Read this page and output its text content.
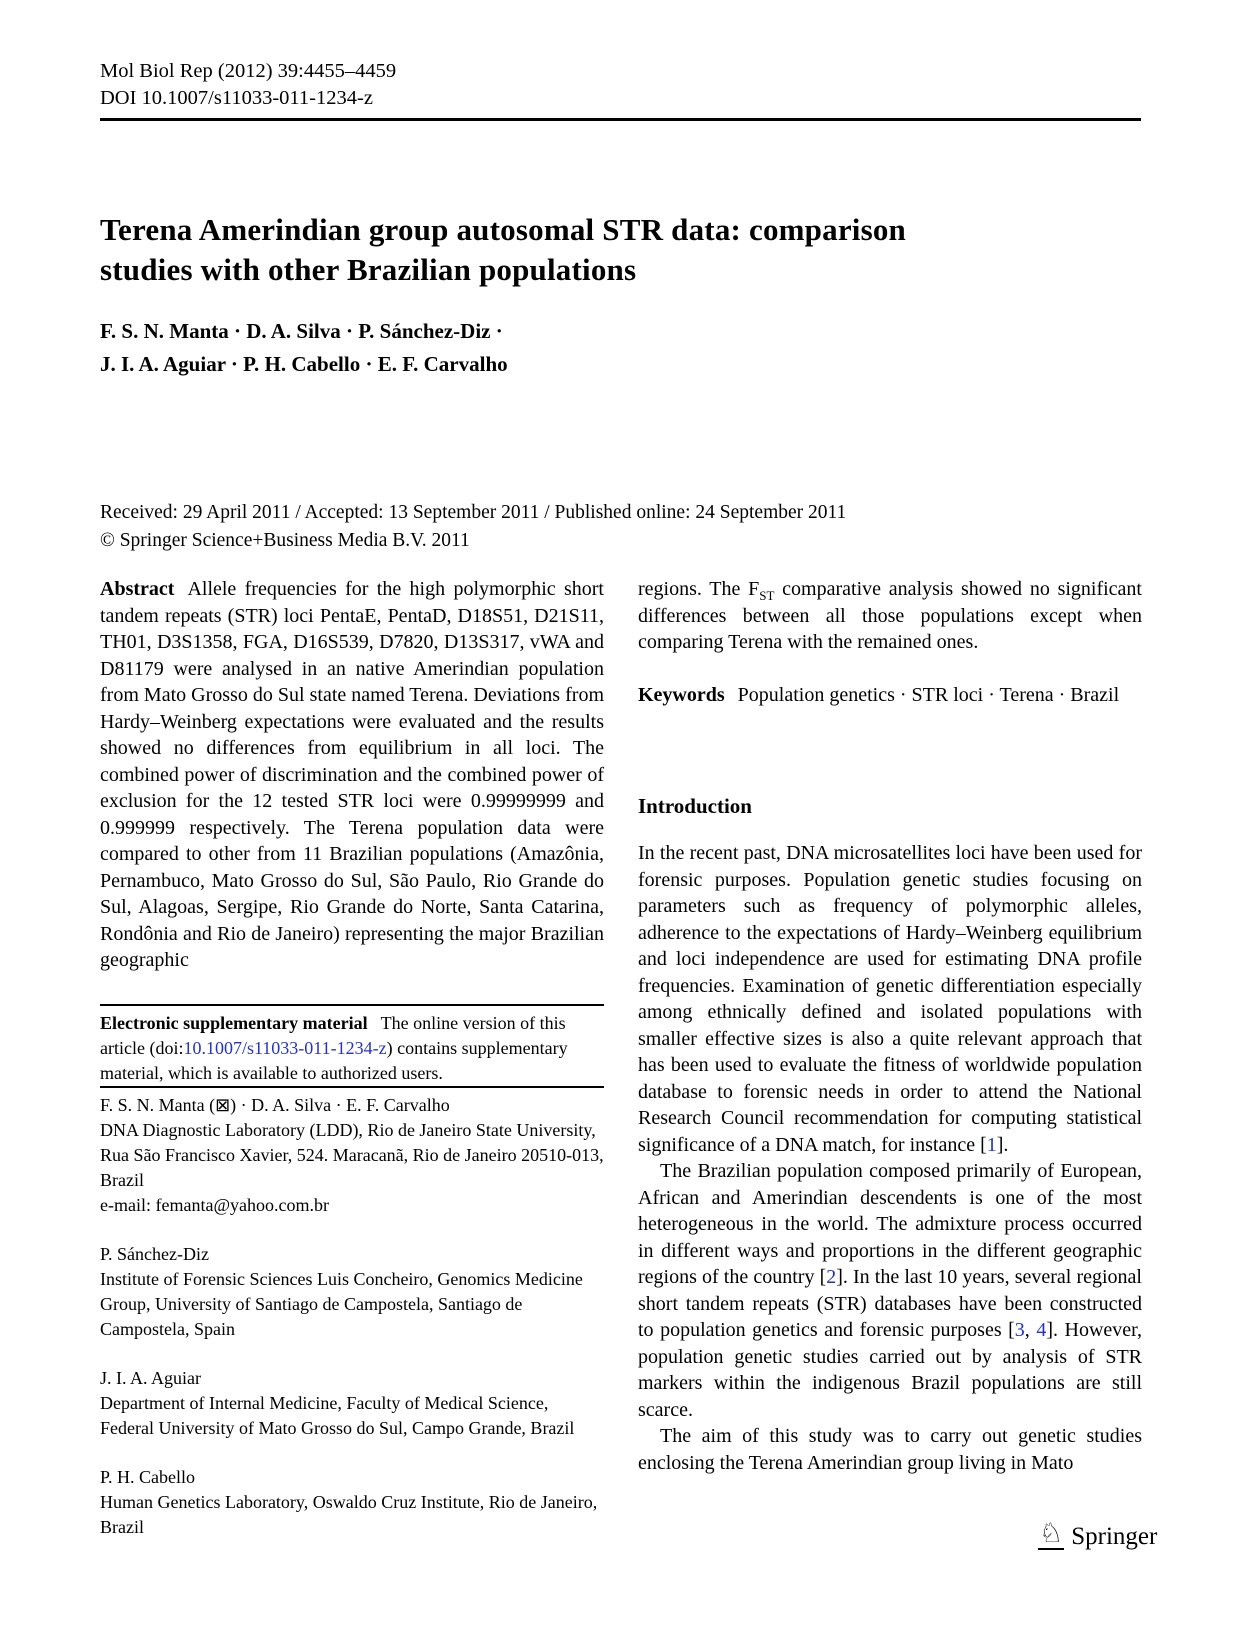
Mol Biol Rep (2012) 39:4455–4459
DOI 10.1007/s11033-011-1234-z
Terena Amerindian group autosomal STR data: comparison
studies with other Brazilian populations
F. S. N. Manta · D. A. Silva · P. Sánchez-Diz ·
J. I. A. Aguiar · P. H. Cabello · E. F. Carvalho
Received: 29 April 2011 / Accepted: 13 September 2011 / Published online: 24 September 2011
© Springer Science+Business Media B.V. 2011
Abstract Allele frequencies for the high polymorphic short tandem repeats (STR) loci PentaE, PentaD, D18S51, D21S11, TH01, D3S1358, FGA, D16S539, D7820, D13S317, vWA and D81179 were analysed in an native Amerindian population from Mato Grosso do Sul state named Terena. Deviations from Hardy–Weinberg expectations were evaluated and the results showed no differences from equilibrium in all loci. The combined power of discrimination and the combined power of exclusion for the 12 tested STR loci were 0.99999999 and 0.999999 respectively. The Terena population data were compared to other from 11 Brazilian populations (Amazônia, Pernambuco, Mato Grosso do Sul, São Paulo, Rio Grande do Sul, Alagoas, Sergipe, Rio Grande do Norte, Santa Catarina, Rondônia and Rio de Janeiro) representing the major Brazilian geographic
regions. The $F_{ST}$ comparative analysis showed no significant differences between all those populations except when comparing Terena with the remained ones.
Keywords Population genetics · STR loci · Terena · Brazil
Introduction

In the recent past, DNA microsatellites loci have been used for forensic purposes. Population genetic studies focusing on parameters such as frequency of polymorphic alleles, adherence to the expectations of Hardy–Weinberg equilibrium and loci independence are used for estimating DNA profile frequencies. Examination of genetic differentiation especially among ethnically defined and isolated populations with smaller effective sizes is also a quite relevant approach that has been used to evaluate the fitness of worldwide population database to forensic needs in order to attend the National Research Council recommendation for computing statistical significance of a DNA match, for instance [1].

The Brazilian population composed primarily of European, African and Amerindian descendents is one of the most heterogeneous in the world. The admixture process occurred in different ways and proportions in the different geographic regions of the country [2]. In the last 10 years, several regional short tandem repeats (STR) databases have been constructed to population genetics and forensic purposes [3, 4]. However, population genetic studies carried out by analysis of STR markers within the indigenous Brazil populations are still scarce.

The aim of this study was to carry out genetic studies enclosing the Terena Amerindian group living in Mato

Electronic supplementary material The online version of this article (doi:10.1007/s11033-011-1234-z) contains supplementary material, which is available to authorized users.
F. S. N. Manta (⊠) · D. A. Silva · E. F. Carvalho
DNA Diagnostic Laboratory (LDD), Rio de Janeiro State University, Rua São Francisco Xavier, 524. Maracanã, Rio de Janeiro 20510-013, Brazil
e-mail: femanta@yahoo.com.br
P. Sánchez-Diz
Institute of Forensic Sciences Luis Concheiro, Genomics Medicine Group, University of Santiago de Campostela, Santiago de Campostela, Spain
J. I. A. Aguiar
Department of Internal Medicine, Faculty of Medical Science, Federal University of Mato Grosso do Sul, Campo Grande, Brazil
P. H. Cabello
Human Genetics Laboratory, Oswaldo Cruz Institute, Rio de Janeiro, Brazil	♘ Springer
